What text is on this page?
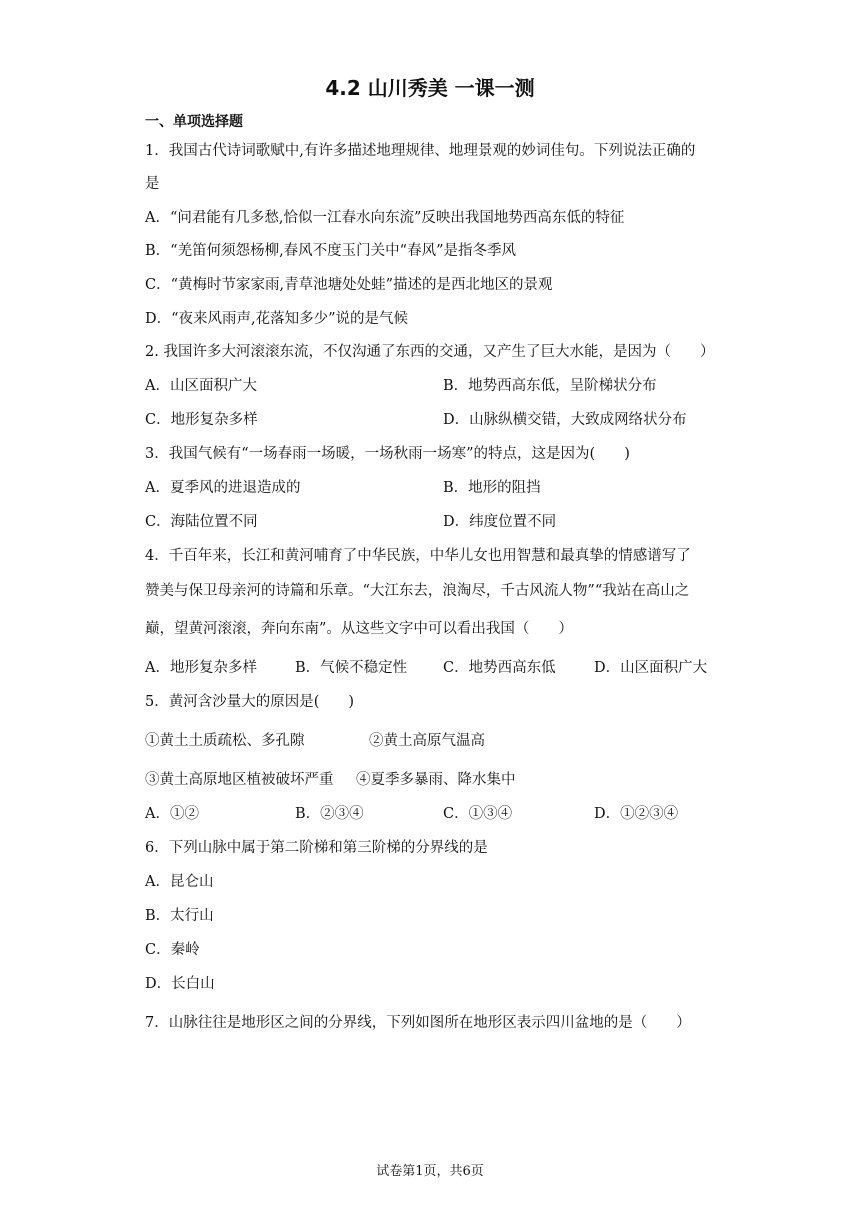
4.2 山川秀美 一课一测
一、单项选择题
1．我国古代诗词歌赋中,有许多描述地理规律、地理景观的妙词佳句。下列说法正确的
是
A．“问君能有几多愁,恰似一江春水向东流”反映出我国地势西高东低的特征
B．“羌笛何须怨杨柳,春风不度玉门关中“春风”是指冬季风
C．“黄梅时节家家雨,青草池塘处处蛙”描述的是西北地区的景观
D．“夜来风雨声,花落知多少”说的是气候
2. 我国许多大河滚滚东流，不仅沟通了东西的交通，又产生了巨大水能，是因为（　　）
A．山区面积广大	B．地势西高东低，呈阶梯状分布
C．地形复杂多样	D．山脉纵横交错，大致成网络状分布
3．我国气候有“一场春雨一场暖，一场秋雨一场寒”的特点，这是因为(　　)
A．夏季风的进退造成的	B．地形的阻挡
C．海陆位置不同	D．纬度位置不同
4．千百年来，长江和黄河哺育了中华民族，中华儿女也用智慧和最真挚的情感谱写了
赞美与保卫母亲河的诗篇和乐章。“大江东去，浪淘尽，千古风流人物”“我站在高山之
巅，望黄河滚滚，奔向东南”。从这些文字中可以看出我国（　　）
A．地形复杂多样	B．气候不稳定性 C．地势西高东低	D．山区面积广大
5．黄河含沙量大的原因是(　　)
①黄土土质疏松、多孔隙	②黄土高原气温高
③黄土高原地区植被破坏严重 ④夏季多暴雨、降水集中
A．①②	B．②③④	C．①③④	D．①②③④
6．下列山脉中属于第二阶梯和第三阶梯的分界线的是
A．昆仑山
B．太行山
C．秦岭
D．长白山
7．山脉往往是地形区之间的分界线，下列如图所在地形区表示四川盆地的是（　　）
试卷第1页，共6页
